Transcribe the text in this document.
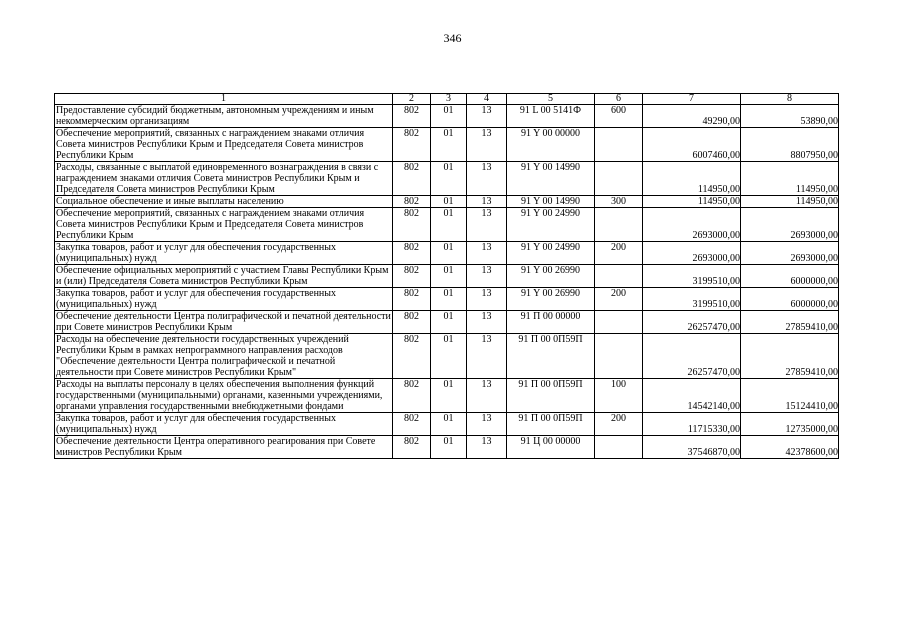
346
1	2	3	4	5	6	7	8
Предоставление субсидий бюджетным, автономным учреждениям и иным некоммерческим организациям	802	01	13	91 L 00 5141Ф	600	49290,00	53890,00
Обеспечение мероприятий, связанных с награждением знаками отличия Совета министров Республики Крым и Председателя Совета министров Республики Крым	802	01	13	91 Y 00 00000		6007460,00	8807950,00
Расходы, связанные с выплатой единовременного вознаграждения в связи с награждением знаками отличия Совета министров Республики Крым и Председателя Совета министров Республики Крым	802	01	13	91 Y 00 14990		114950,00	114950,00
Социальное обеспечение и иные выплаты населению	802	01	13	91 Y 00 14990	300	114950,00	114950,00
Обеспечение мероприятий, связанных с награждением знаками отличия Совета министров Республики Крым и Председателя Совета министров Республики Крым	802	01	13	91 Y 00 24990		2693000,00	2693000,00
Закупка товаров, работ и услуг для обеспечения государственных (муниципальных) нужд	802	01	13	91 Y 00 24990	200	2693000,00	2693000,00
Обеспечение официальных мероприятий с участием Главы Республики Крым и (или) Председателя Совета министров Республики Крым	802	01	13	91 Y 00 26990		3199510,00	6000000,00
Закупка товаров, работ и услуг для обеспечения государственных (муниципальных) нужд	802	01	13	91 Y 00 26990	200	3199510,00	6000000,00
Обеспечение деятельности Центра полиграфической и печатной деятельности при Совете министров Республики Крым	802	01	13	91 П 00 00000		26257470,00	27859410,00
Расходы на обеспечение деятельности государственных учреждений Республики Крым в рамках непрограммного направления расходов "Обеспечение деятельности Центра полиграфической и печатной деятельности при Совете министров Республики Крым"	802	01	13	91 П 00 0П59П		26257470,00	27859410,00
Расходы на выплаты персоналу в целях обеспечения выполнения функций государственными (муниципальными) органами, казенными учреждениями, органами управления государственными внебюджетными фондами	802	01	13	91 П 00 0П59П	100	14542140,00	15124410,00
Закупка товаров, работ и услуг для обеспечения государственных (муниципальных) нужд	802	01	13	91 П 00 0П59П	200	11715330,00	12735000,00
Обеспечение деятельности Центра оперативного реагирования при Совете министров Республики Крым	802	01	13	91 Ц 00 00000		37546870,00	42378600,00
